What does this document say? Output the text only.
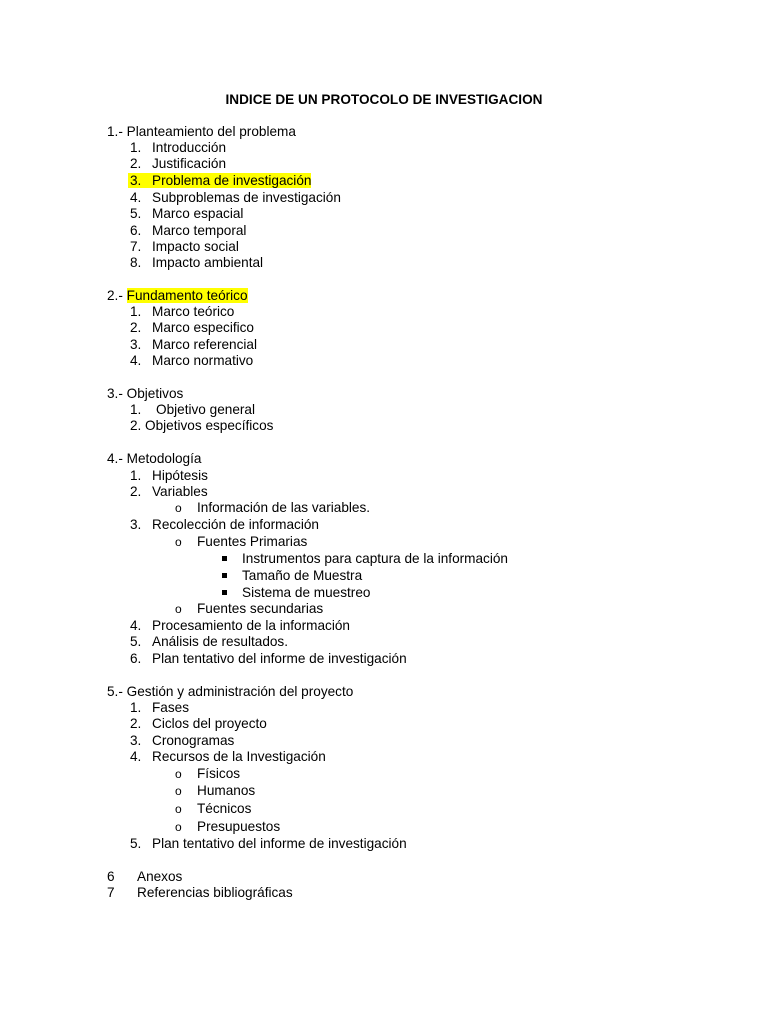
INDICE DE UN PROTOCOLO DE INVESTIGACION
1.- Planteamiento del problema
1. Introducción
2. Justificación
3. Problema de investigación
4. Subproblemas de investigación
5. Marco espacial
6. Marco temporal
7. Impacto social
8. Impacto ambiental
2.- Fundamento teórico
1. Marco teórico
2. Marco especifico
3. Marco referencial
4. Marco normativo
3.- Objetivos
1. Objetivo general
2. Objetivos específicos
4.- Metodología
1. Hipótesis
2. Variables
o Información de las variables.
3. Recolección de información
o Fuentes Primarias
Instrumentos para captura de la información
Tamaño de Muestra
Sistema de muestreo
o Fuentes secundarias
4. Procesamiento de la información
5. Análisis de resultados.
6. Plan tentativo del informe de investigación
5.- Gestión y administración del proyecto
1. Fases
2. Ciclos del proyecto
3. Cronogramas
4. Recursos de la Investigación
o Físicos
o Humanos
o Técnicos
o Presupuestos
5. Plan tentativo del informe de investigación
6 Anexos
7 Referencias bibliográficas
